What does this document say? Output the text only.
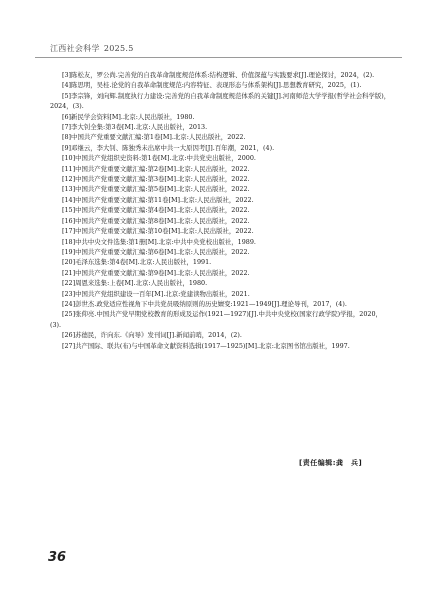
江西社会科学 2025.5

[3]陈松友，罗公尚.完善党的自我革命制度规范体系:结构逻辑、价值深蕴与实践要求[J].理论探讨，2024，(2).

[4]陈思明，吴桂.论党的自我革命制度规范:内容特征、表现形态与体系架构[J].思想教育研究，2025，(1).

[5]李宗锋，刘向辉.制度执行力建设:完善党的自我革命制度规范体系的关键[J].河南师范大学学报(哲学社会科学版)，2024，(3).

[6]新民学会资料[M].北京:人民出版社，1980.

[7]李大钊全集:第3卷[M].北京:人民出版社，2013.

[8]中国共产党重要文献汇编:第1卷[M].北京:人民出版社，2022.

[9]邓继云，李大钊、陈独秀未出席中共一大原因考[J].百年潮，2021，(4).

[10]中国共产党组织史资料:第1卷[M].北京:中共党史出版社，2000.

[11]中国共产党重要文献汇编:第2卷[M].北京:人民出版社，2022.

[12]中国共产党重要文献汇编:第3卷[M].北京:人民出版社，2022.

[13]中国共产党重要文献汇编:第5卷[M].北京:人民出版社，2022.

[14]中国共产党重要文献汇编:第11卷[M].北京:人民出版社，2022.

[15]中国共产党重要文献汇编:第4卷[M].北京:人民出版社，2022.

[16]中国共产党重要文献汇编:第8卷[M].北京:人民出版社，2022.

[17]中国共产党重要文献汇编:第10卷[M].北京:人民出版社，2022.

[18]中共中央文件选集:第1册[M].北京:中共中央党校出版社，1989.

[19]中国共产党重要文献汇编:第6卷[M].北京:人民出版社，2022.

[20]毛泽东选集:第4卷[M].北京:人民出版社，1991.

[21]中国共产党重要文献汇编:第9卷[M].北京:人民出版社，2022.

[22]周恩来选集:上卷[M].北京:人民出版社，1980.

[23]中国共产党组织建设一百年[M].北京:党建读物出版社，2021.

[24]彭世杰.政党适应性视角下中共党员吸纳原则的历史嬗变:1921—1949[J].理论导刊，2017，(4).

[25]张仰亮.中国共产党早期党校教育的形成及运作(1921—1927)[J].中共中央党校(国家行政学院)学报，2020，(3).

[26]苏德民，许向东.《向导》发刊词[J].新闻前哨，2014，(2).

[27]共产国际、联共(布)与中国革命文献资料选辑(1917—1925)[M].北京:北京图书馆出版社，1997.

[责任编辑:龚　兵]
36
